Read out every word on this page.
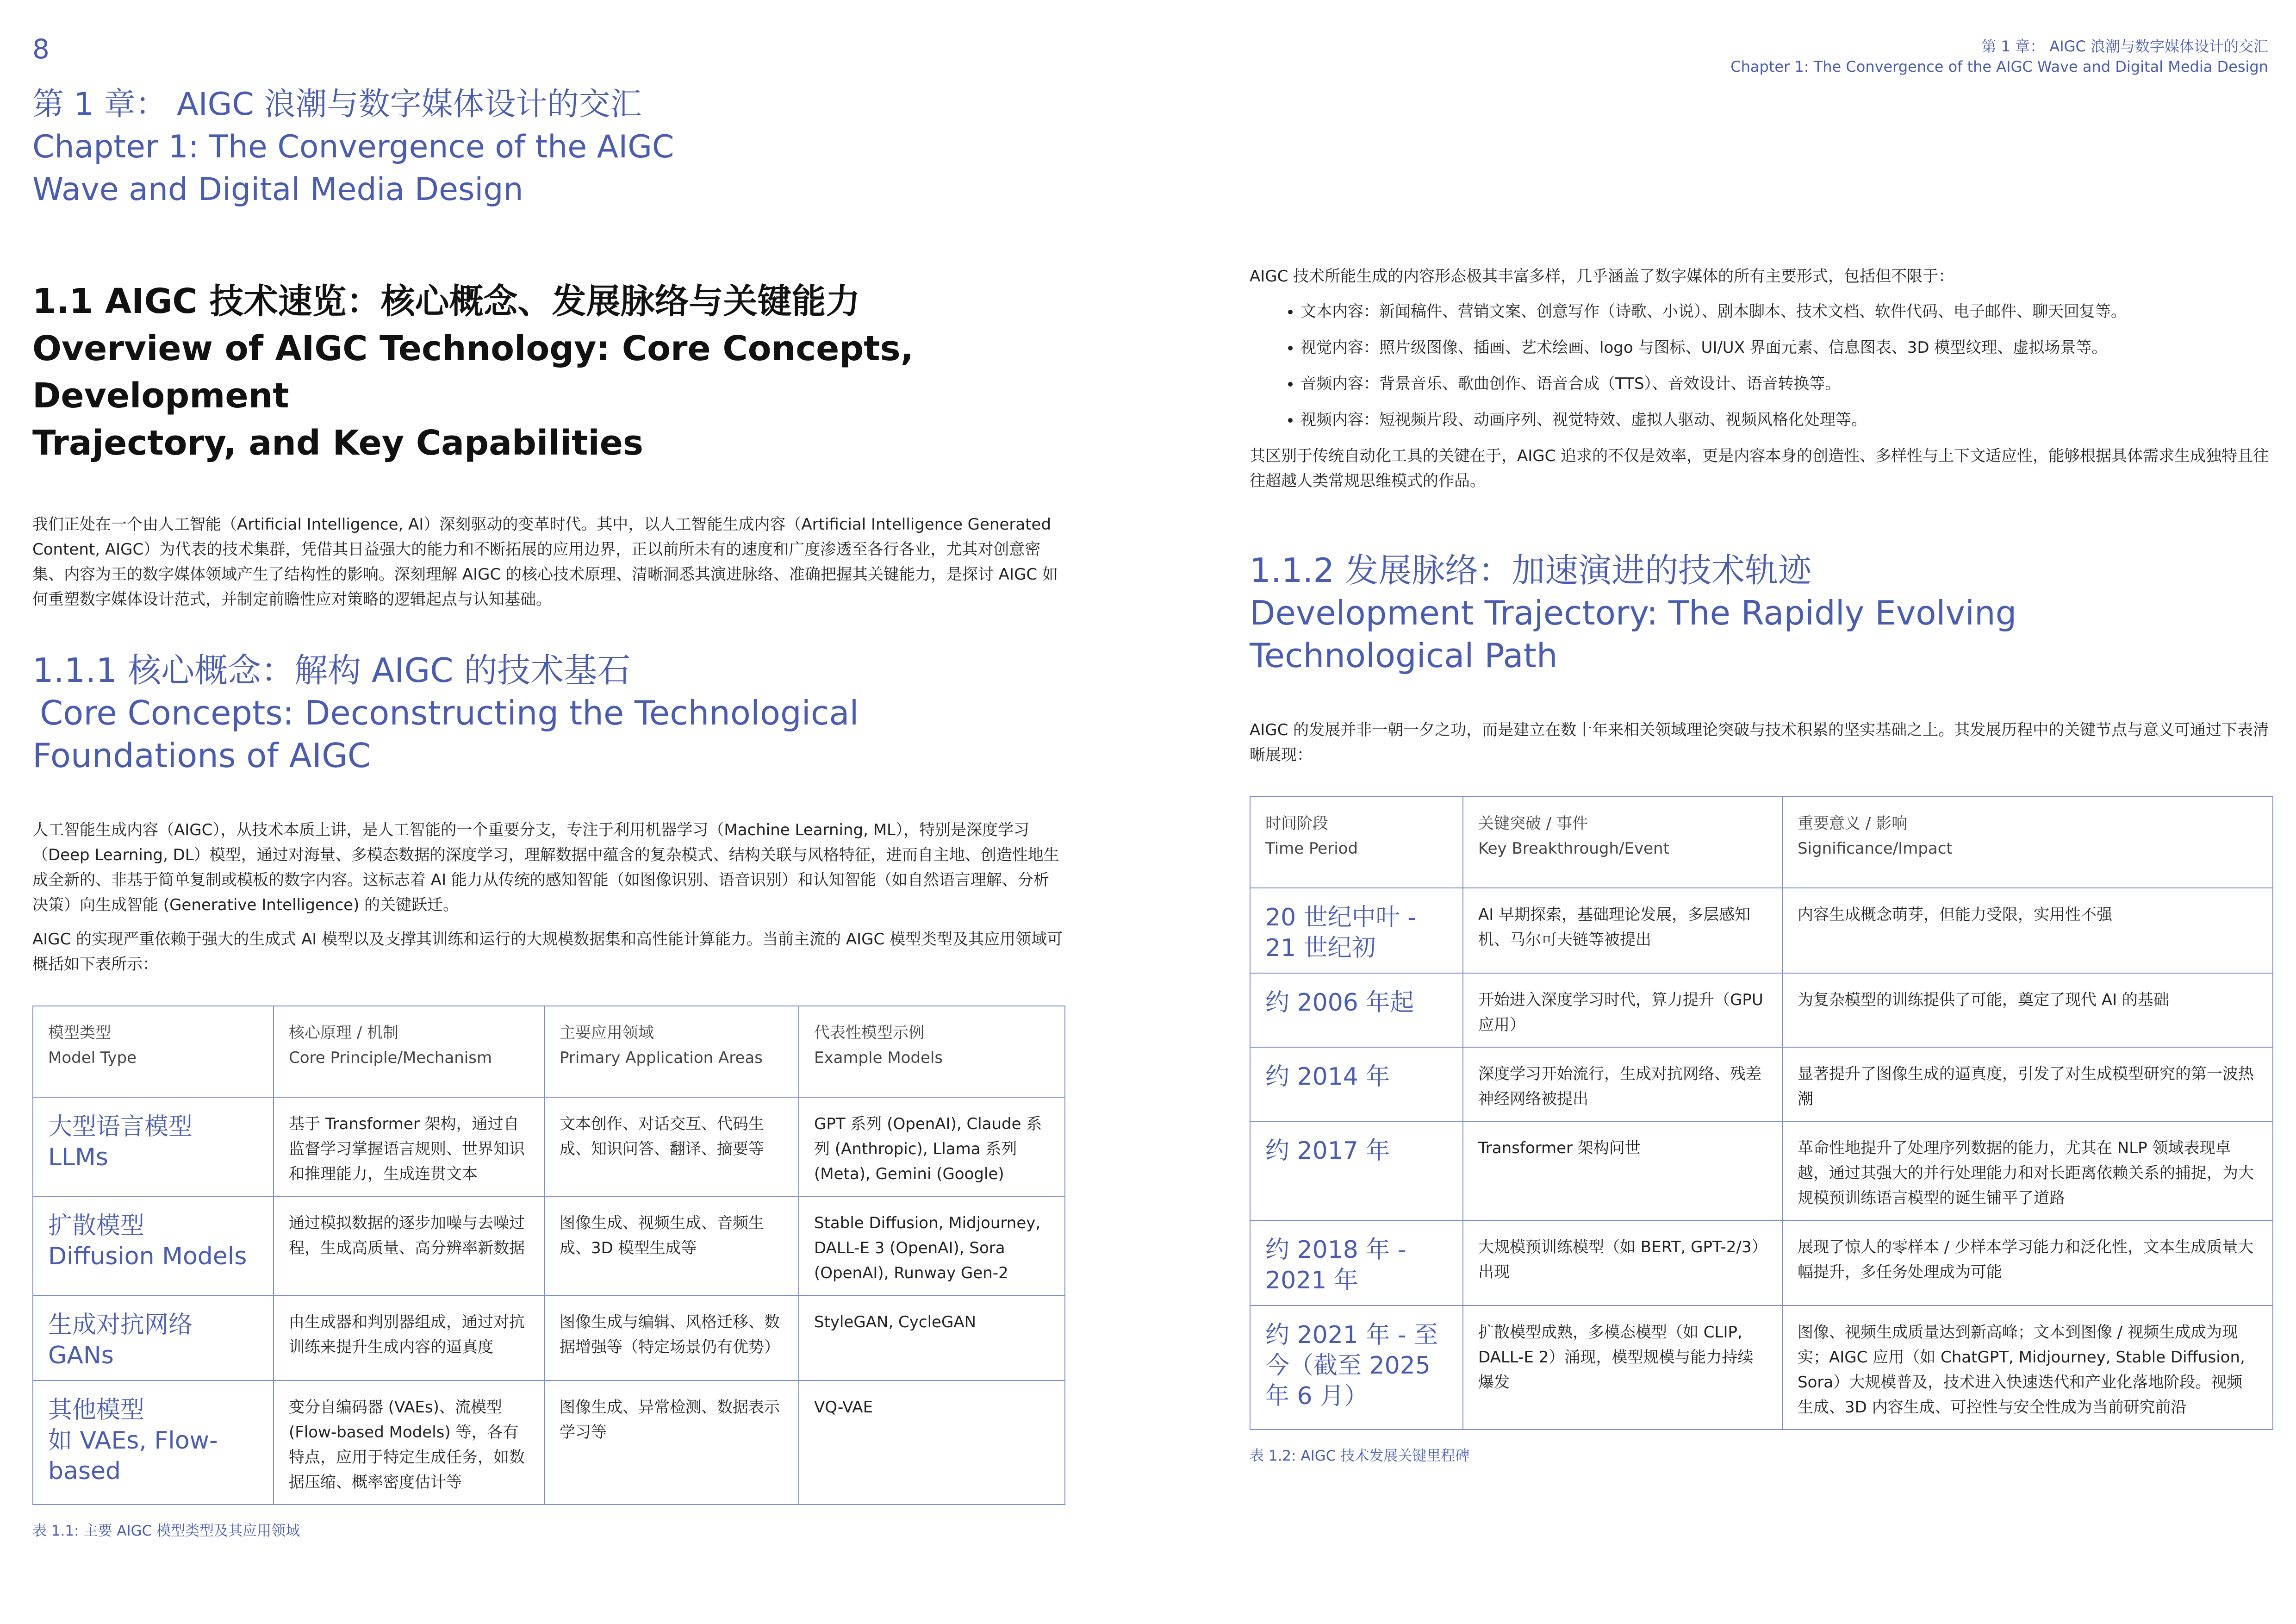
8	第 1 章： AIGC 浪潮与数字媒体设计的交汇
Chapter 1: The Convergence of the AIGC Wave and Digital Media Design
第 1 章： AIGC 浪潮与数字媒体设计的交汇
Chapter 1: The Convergence of the AIGC
Wave and Digital Media Design
1.1 AIGC 技术速览：核心概念、发展脉络与关键能力
Overview of AIGC Technology: Core Concepts, Development
Trajectory, and Key Capabilities

我们正处在一个由人工智能（Artificial Intelligence, AI）深刻驱动的变革时代。其中，以人工智能生成内容（Artificial Intelligence Generated Content, AIGC）为代表的技术集群，凭借其日益强大的能力和不断拓展的应用边界，正以前所未有的速度和广度渗透至各行各业，尤其对创意密集、内容为王的数字媒体领域产生了结构性的影响。深刻理解 AIGC 的核心技术原理、清晰洞悉其演进脉络、准确把握其关键能力，是探讨 AIGC 如何重塑数字媒体设计范式，并制定前瞻性应对策略的逻辑起点与认知基础。

1.1.1 核心概念：解构 AIGC 的技术基石
Core Concepts: Deconstructing the Technological
Foundations of AIGC

人工智能生成内容（AIGC），从技术本质上讲，是人工智能的一个重要分支，专注于利用机器学习（Machine Learning, ML），特别是深度学习（Deep Learning, DL）模型，通过对海量、多模态数据的深度学习，理解数据中蕴含的复杂模式、结构关联与风格特征，进而自主地、创造性地生成全新的、非基于简单复制或模板的数字内容。这标志着 AI 能力从传统的感知智能（如图像识别、语音识别）和认知智能（如自然语言理解、分析决策）向生成智能 (Generative Intelligence) 的关键跃迁。

AIGC 的实现严重依赖于强大的生成式 AI 模型以及支撑其训练和运行的大规模数据集和高性能计算能力。当前主流的 AIGC 模型类型及其应用领域可概括如下表所示：

模型类型
Model Type	核心原理 / 机制
Core Principle/Mechanism	主要应用领域
Primary Application Areas	代表性模型示例
Example Models

大型语言模型
LLMs	基于 Transformer 架构，通过自监督学习掌握语言规则、世界知识和推理能力，生成连贯文本	文本创作、对话交互、代码生成、知识问答、翻译、摘要等	GPT 系列 (OpenAI), Claude 系列 (Anthropic), Llama 系列 (Meta), Gemini (Google)

扩散模型
Diffusion Models	通过模拟数据的逐步加噪与去噪过程，生成高质量、高分辨率新数据	图像生成、视频生成、音频生成、3D 模型生成等	Stable Diffusion, Midjourney, DALL-E 3 (OpenAI), Sora (OpenAI), Runway Gen-2

生成对抗网络
GANs	由生成器和判别器组成，通过对抗训练来提升生成内容的逼真度	图像生成与编辑、风格迁移、数据增强等（特定场景仍有优势）	StyleGAN, CycleGAN

其他模型
如 VAEs, Flow-based	变分自编码器 (VAEs)、流模型 (Flow-based Models) 等，各有特点，应用于特定生成任务，如数据压缩、概率密度估计等	图像生成、异常检测、数据表示学习等	VQ-VAE
表 1.1: 主要 AIGC 模型类型及其应用领域

AIGC 技术所能生成的内容形态极其丰富多样，几乎涵盖了数字媒体的所有主要形式，包括但不限于：

• 文本内容：新闻稿件、营销文案、创意写作（诗歌、小说）、剧本脚本、技术文档、软件代码、电子邮件、聊天回复等。
• 视觉内容：照片级图像、插画、艺术绘画、logo 与图标、UI/UX 界面元素、信息图表、3D 模型纹理、虚拟场景等。
• 音频内容：背景音乐、歌曲创作、语音合成（TTS）、音效设计、语音转换等。
• 视频内容：短视频片段、动画序列、视觉特效、虚拟人驱动、视频风格化处理等。

其区别于传统自动化工具的关键在于，AIGC 追求的不仅是效率，更是内容本身的创造性、多样性与上下文适应性，能够根据具体需求生成独特且往往超越人类常规思维模式的作品。

1.1.2 发展脉络：加速演进的技术轨迹
Development Trajectory: The Rapidly Evolving
Technological Path

AIGC 的发展并非一朝一夕之功，而是建立在数十年来相关领域理论突破与技术积累的坚实基础之上。其发展历程中的关键节点与意义可通过下表清晰展现：

时间阶段
Time Period	关键突破 / 事件
Key Breakthrough/Event	重要意义 / 影响
Significance/Impact

20 世纪中叶 - 21 世纪初	AI 早期探索，基础理论发展，多层感知机、马尔可夫链等被提出	内容生成概念萌芽，但能力受限，实用性不强
约 2006 年起	开始进入深度学习时代，算力提升（GPU 应用）	为复杂模型的训练提供了可能，奠定了现代 AI 的基础
约 2014 年	深度学习开始流行，生成对抗网络、残差神经网络被提出	显著提升了图像生成的逼真度，引发了对生成模型研究的第一波热潮
约 2017 年	Transformer 架构问世	革命性地提升了处理序列数据的能力，尤其在 NLP 领域表现卓越，通过其强大的并行处理能力和对长距离依赖关系的捕捉，为大规模预训练语言模型的诞生铺平了道路
约 2018 年 - 2021 年	大规模预训练模型（如 BERT, GPT-2/3）出现	展现了惊人的零样本 / 少样本学习能力和泛化性，文本生成质量大幅提升，多任务处理成为可能
约 2021 年 - 至今（截至 2025 年 6 月）	扩散模型成熟，多模态模型（如 CLIP, DALL-E 2）涌现，模型规模与能力持续爆发	图像、视频生成质量达到新高峰；文本到图像 / 视频生成成为现实；AIGC 应用（如 ChatGPT, Midjourney, Stable Diffusion, Sora）大规模普及，技术进入快速迭代和产业化落地阶段。视频生成、3D 内容生成、可控性与安全性成为当前研究前沿
表 1.2: AIGC 技术发展关键里程碑
